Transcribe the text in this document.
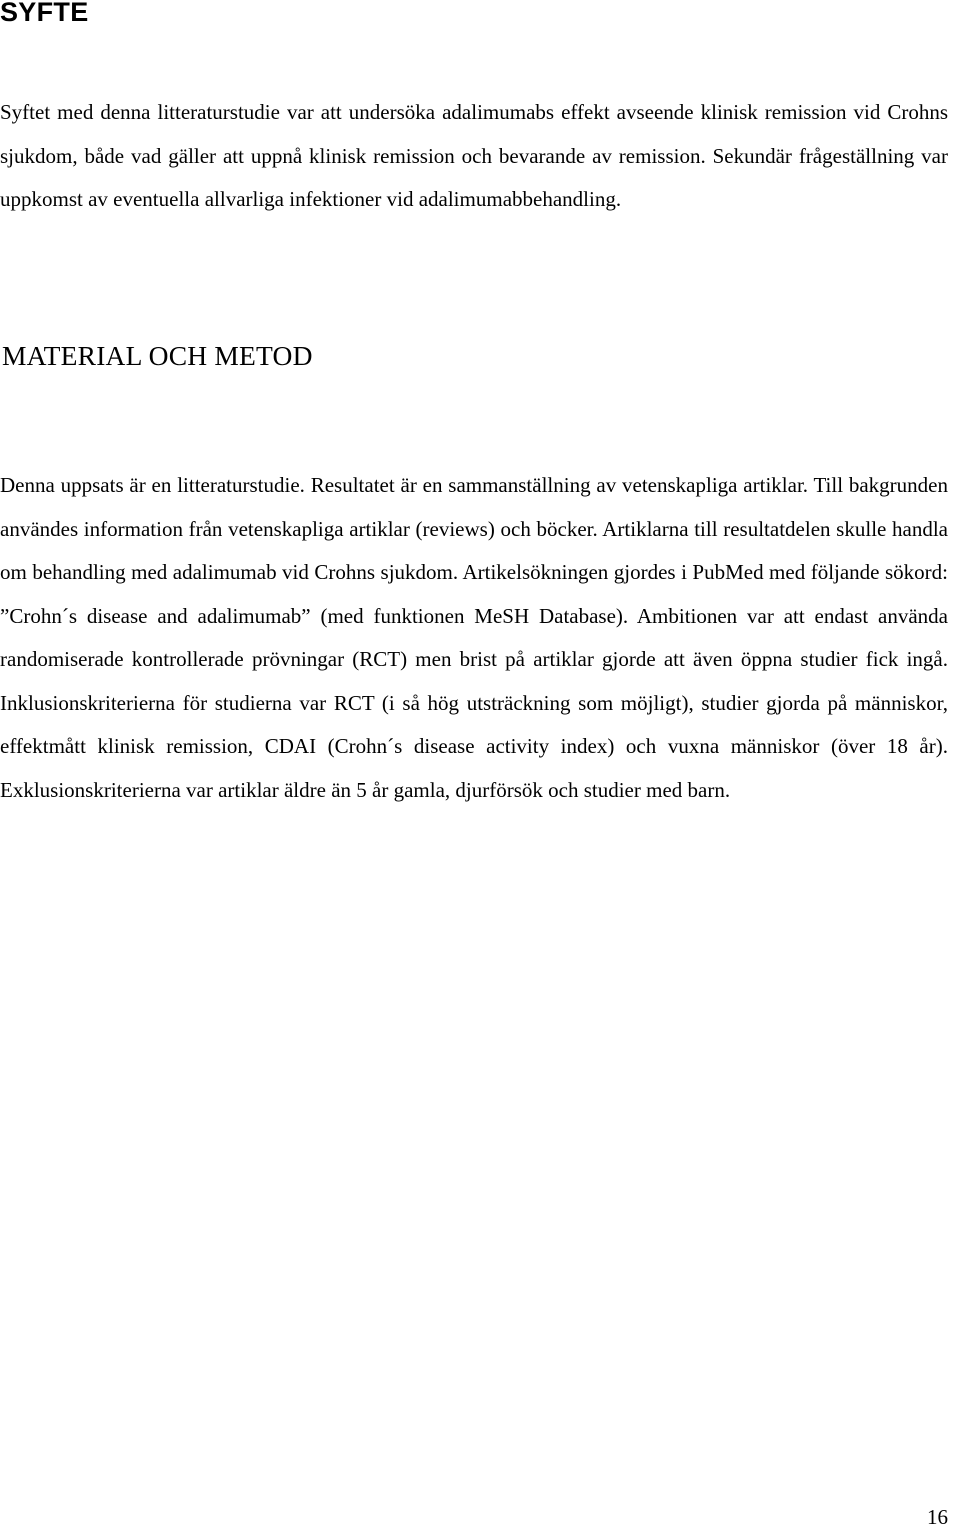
SYFTE

Syftet med denna litteraturstudie var att undersöka adalimumabs effekt avseende klinisk remission vid Crohns sjukdom, både vad gäller att uppnå klinisk remission och bevarande av remission. Sekundär frågeställning var uppkomst av eventuella allvarliga infektioner vid adalimumabbehandling.

MATERIAL OCH METOD

Denna uppsats är en litteraturstudie. Resultatet är en sammanställning av vetenskapliga artiklar. Till bakgrunden användes information från vetenskapliga artiklar (reviews) och böcker. Artiklarna till resultatdelen skulle handla om behandling med adalimumab vid Crohns sjukdom. Artikelsökningen gjordes i PubMed med följande sökord: ”Crohn´s disease and adalimumab” (med funktionen MeSH Database). Ambitionen var att endast använda randomiserade kontrollerade prövningar (RCT) men brist på artiklar gjorde att även öppna studier fick ingå. Inklusionskriterierna för studierna var RCT (i så hög utsträckning som möjligt), studier gjorda på människor, effektmått klinisk remission, CDAI (Crohn´s disease activity index) och vuxna människor (över 18 år). Exklusionskriterierna var artiklar äldre än 5 år gamla, djurförsök och studier med barn.

16
